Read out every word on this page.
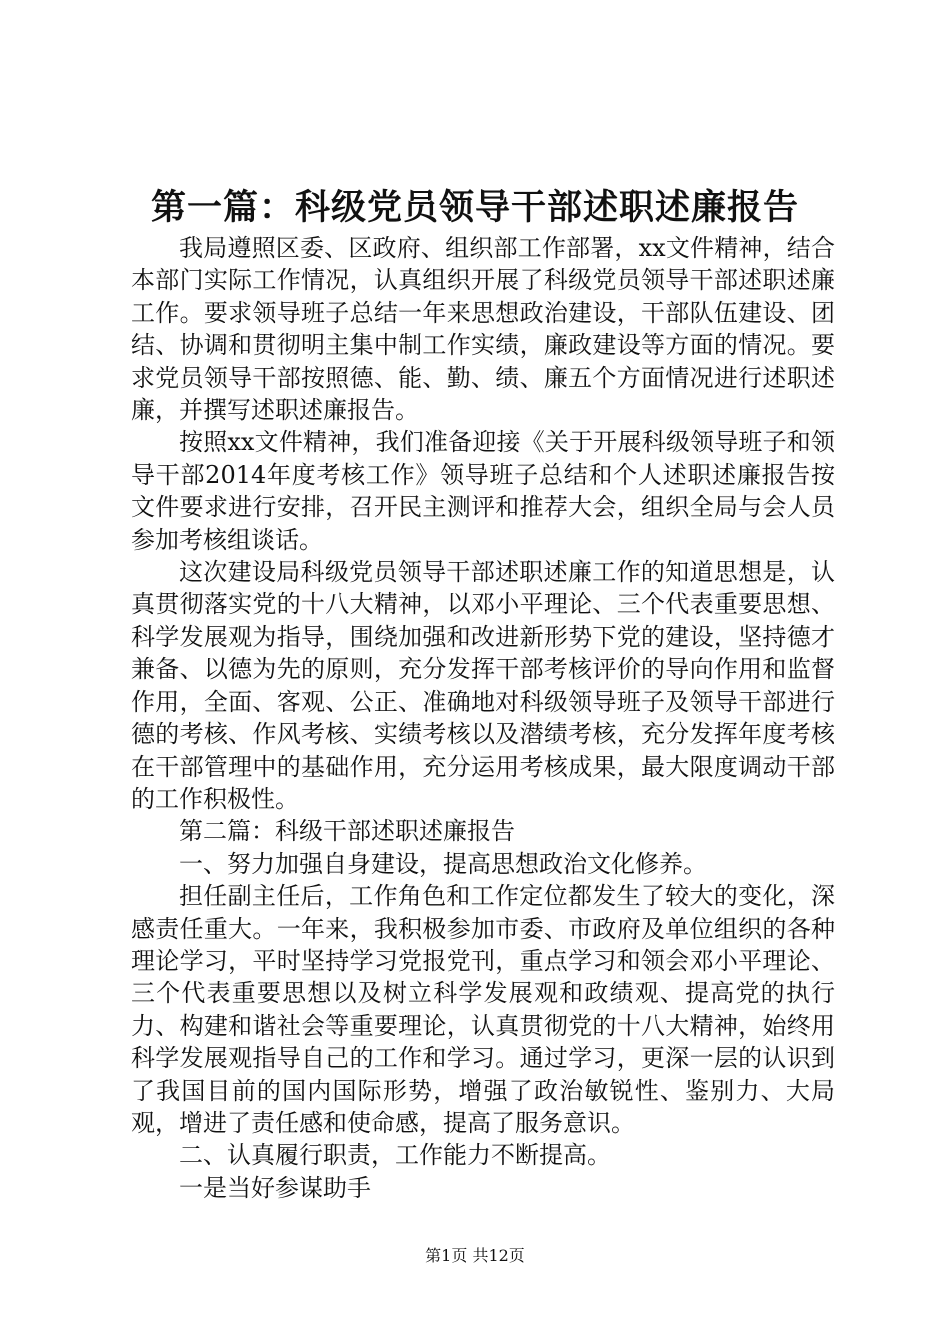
第一篇：科级党员领导干部述职述廉报告

我局遵照区委、区政府、组织部工作部署，xx文件精神，结合本部门实际工作情况，认真组织开展了科级党员领导干部述职述廉工作。要求领导班子总结一年来思想政治建设，干部队伍建设、团结、协调和贯彻明主集中制工作实绩，廉政建设等方面的情况。要求党员领导干部按照德、能、勤、绩、廉五个方面情况进行述职述廉，并撰写述职述廉报告。

按照xx文件精神，我们准备迎接《关于开展科级领导班子和领导干部2014年度考核工作》领导班子总结和个人述职述廉报告按文件要求进行安排，召开民主测评和推荐大会，组织全局与会人员参加考核组谈话。

这次建设局科级党员领导干部述职述廉工作的知道思想是，认真贯彻落实党的十八大精神，以邓小平理论、三个代表重要思想、科学发展观为指导，围绕加强和改进新形势下党的建设，坚持德才兼备、以德为先的原则，充分发挥干部考核评价的导向作用和监督作用，全面、客观、公正、准确地对科级领导班子及领导干部进行德的考核、作风考核、实绩考核以及潜绩考核，充分发挥年度考核在干部管理中的基础作用，充分运用考核成果，最大限度调动干部的工作积极性。

第二篇：科级干部述职述廉报告

一、努力加强自身建设，提高思想政治文化修养。

担任副主任后，工作角色和工作定位都发生了较大的变化，深感责任重大。一年来，我积极参加市委、市政府及单位组织的各种理论学习，平时坚持学习党报党刊，重点学习和领会邓小平理论、三个代表重要思想以及树立科学发展观和政绩观、提高党的执行力、构建和谐社会等重要理论，认真贯彻党的十八大精神，始终用科学发展观指导自己的工作和学习。通过学习，更深一层的认识到了我国目前的国内国际形势，增强了政治敏锐性、鉴别力、大局观，增进了责任感和使命感，提高了服务意识。

二、认真履行职责，工作能力不断提高。

一是当好参谋助手

第1页 共12页
